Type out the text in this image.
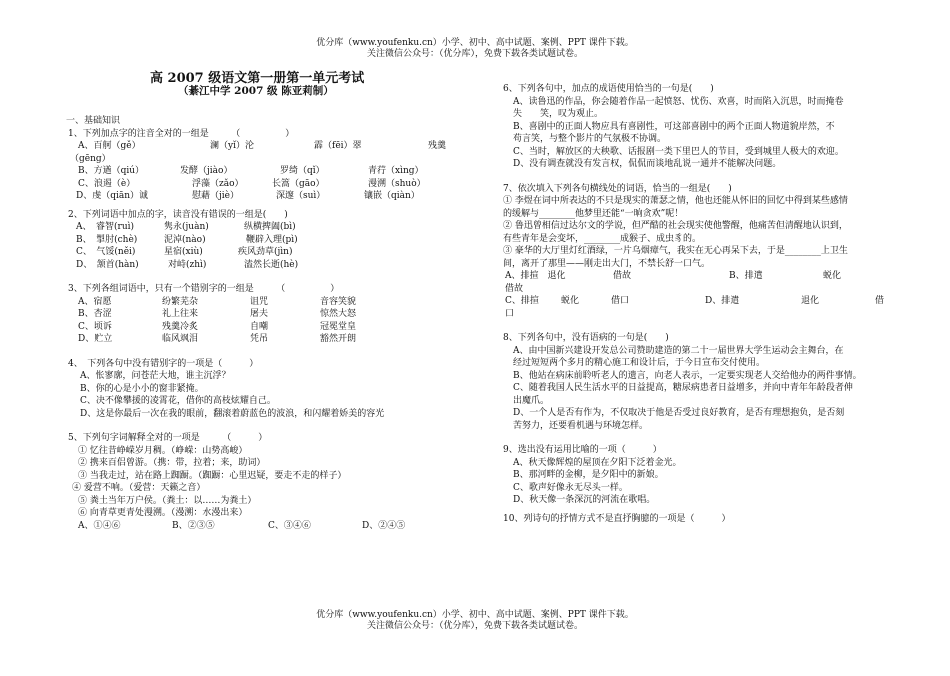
优分库（www.youfenku.cn）小学、初中、高中试题、案例、PPT 课件下载。
关注微信公众号：（优分库），免费下载各类试题试卷。
高 2007 级语文第一册第一单元考试
（綦江中学 2007 级 陈亚莉制）
一、基础知识
1、下列加点字的注音全对的一组是　　　（　　　　　）
A、百舸（gě）	澜（yǐ）沦	霹（fēi）翠	残羹
（gēng）
B、方遒（qiú）	发酵（jiào）	罗绮（qǐ）	青荇（xìng）
C、浪遏（è）	浮藻（zǎo）	长篙（gāo）	漫溯（shuò）
D、虔（qiān）诚	慰藉（jiè）	深邃（suì）	镶嵌（qiàn）
2、下列词语中加点的字，读音没有错误的一组是(　　)
A、　睿智(ruì)	隽永(juàn)	纵横捭阖(bì)
B、　掣肘(chè)	泥淖(nào)	鞭辟入理(pì)
C、　气馁(něi)	星宿(xiù)	疾风劲草(jìn)
D、　颔首(hàn)	对峙(zhì)	溘然长逝(hè)
3、下列各组词语中，只有一个错别字的一组是　　　（　　　　　）
A、宿愿	纷繁芜杂	诅咒	音容笑貌
B、杏涩	礼上往来	屠夫	惊然大怒
C、顷诉	残羹冷炙	自嘲	冠冕堂皇
D、贮立	临风飒泪	凭吊	豁然开朗
4、　下列各句中没有错别字的一项是（　　　）
A、怅寥廓，问苍茫大地，谁主沉浮？
B、你的心是小小的窗非紧掩。
C、决不像攀援的凌霄花，借你的高枝炫耀自己。
D、这是你最后一次在我的眼前，翻滚着蔚蓝色的波浪，和闪耀着娇美的容光
5、下列句字词解释全对的一项是　　　（　　　）
① 忆往昔峥嵘岁月稠。（峥嵘：山势高峻）
② 携来百侣曾游。（携：带，拉着；来，助词）
③ 当我走过，站在路上踟蹰。（踟蹰：心里迟疑，要走不走的样子）
④ 爱营不响。（爱营：天籁之音）
⑤ 粪土当年万户侯。（粪土：以……为粪土）
⑥ 向青草更青处漫溯。（漫溯：水漫出来）
A、①④⑥	B、②③⑤	C、③④⑥	D、②④⑤
6、下列各句中，加点的成语使用恰当的一句是(　　)
A、读鲁迅的作品，你会随着作品一起愤怒、忧伤、欢喜，时而陷入沉思，时而掩卷
失　　笑，叹为观止。
B、喜剧中的正面人物应具有喜剧性，可这部喜剧中的两个正面人物道貌岸然，不
苟言笑，与整个影片的气氛极不协调。
C、当时，解放区的大秧歌、话报剧一类下里巴人的节目，受到城里人极大的欢迎。
D、没有调查就没有发言权，侃侃而谈地乱说一通并不能解决问题。
7、依次填入下列各句横线处的词语，恰当的一组是(　　)
① 李煜在词中所表达的不只是现实的萧瑟之情，他也还能从怀旧的回忆中得到某些感情
的缓解与________他梦里还能“一晌贪欢”呢！
② 鲁迅曾相信过达尔文的学说，但严酷的社会现实使他警醒，他痛苦但清醒地认识到，
有些青年是会变坏，________成猴子、成虫豸的。
③ 豪华的大厅里灯红酒绿，一片乌烟瘴气，我实在无心再呆下去，于是________上卫生
间，离开了那里——刚走出大门，不禁长舒一口气。
A、排揎　退化	借故	B、排遣	蜕化
借故
C、排揎 蜕化	借口	D、排遣	退化	借
口
8、下列各句中，没有语病的一句是(　　)
A、由中国新兴建设开发总公司赞助建造的第二十一届世界大学生运动会主舞台，在
经过短短两个多月的精心施工和设计后，于今日宣布交付使用。
B、他站在病床前聆听老人的遗言，向老人表示，一定要实现老人交给他办的两件事情。
C、随着我国人民生活水平的日益提高，糖尿病患者日益增多，并向中青年年龄段者伸
出魔爪。
D、一个人是否有作为，不仅取决于他是否受过良好教育，是否有理想抱负，是否刻
苦努力，还要看机遇与环境怎样。
9、选出没有运用比喻的一项（　　　）
A、秋天像辉煌的屋顶在夕阳下泛着金光。
B、那河畔的金柳，是夕阳中的新娘。
C、歌声好像永无尽头一样。
D、秋天像一条深沉的河流在歌唱。
10、列诗句的抒情方式不是直抒胸臆的一项是（　　　）
优分库（www.youfenku.cn）小学、初中、高中试题、案例、PPT 课件下载。
关注微信公众号：（优分库），免费下载各类试题试卷。
